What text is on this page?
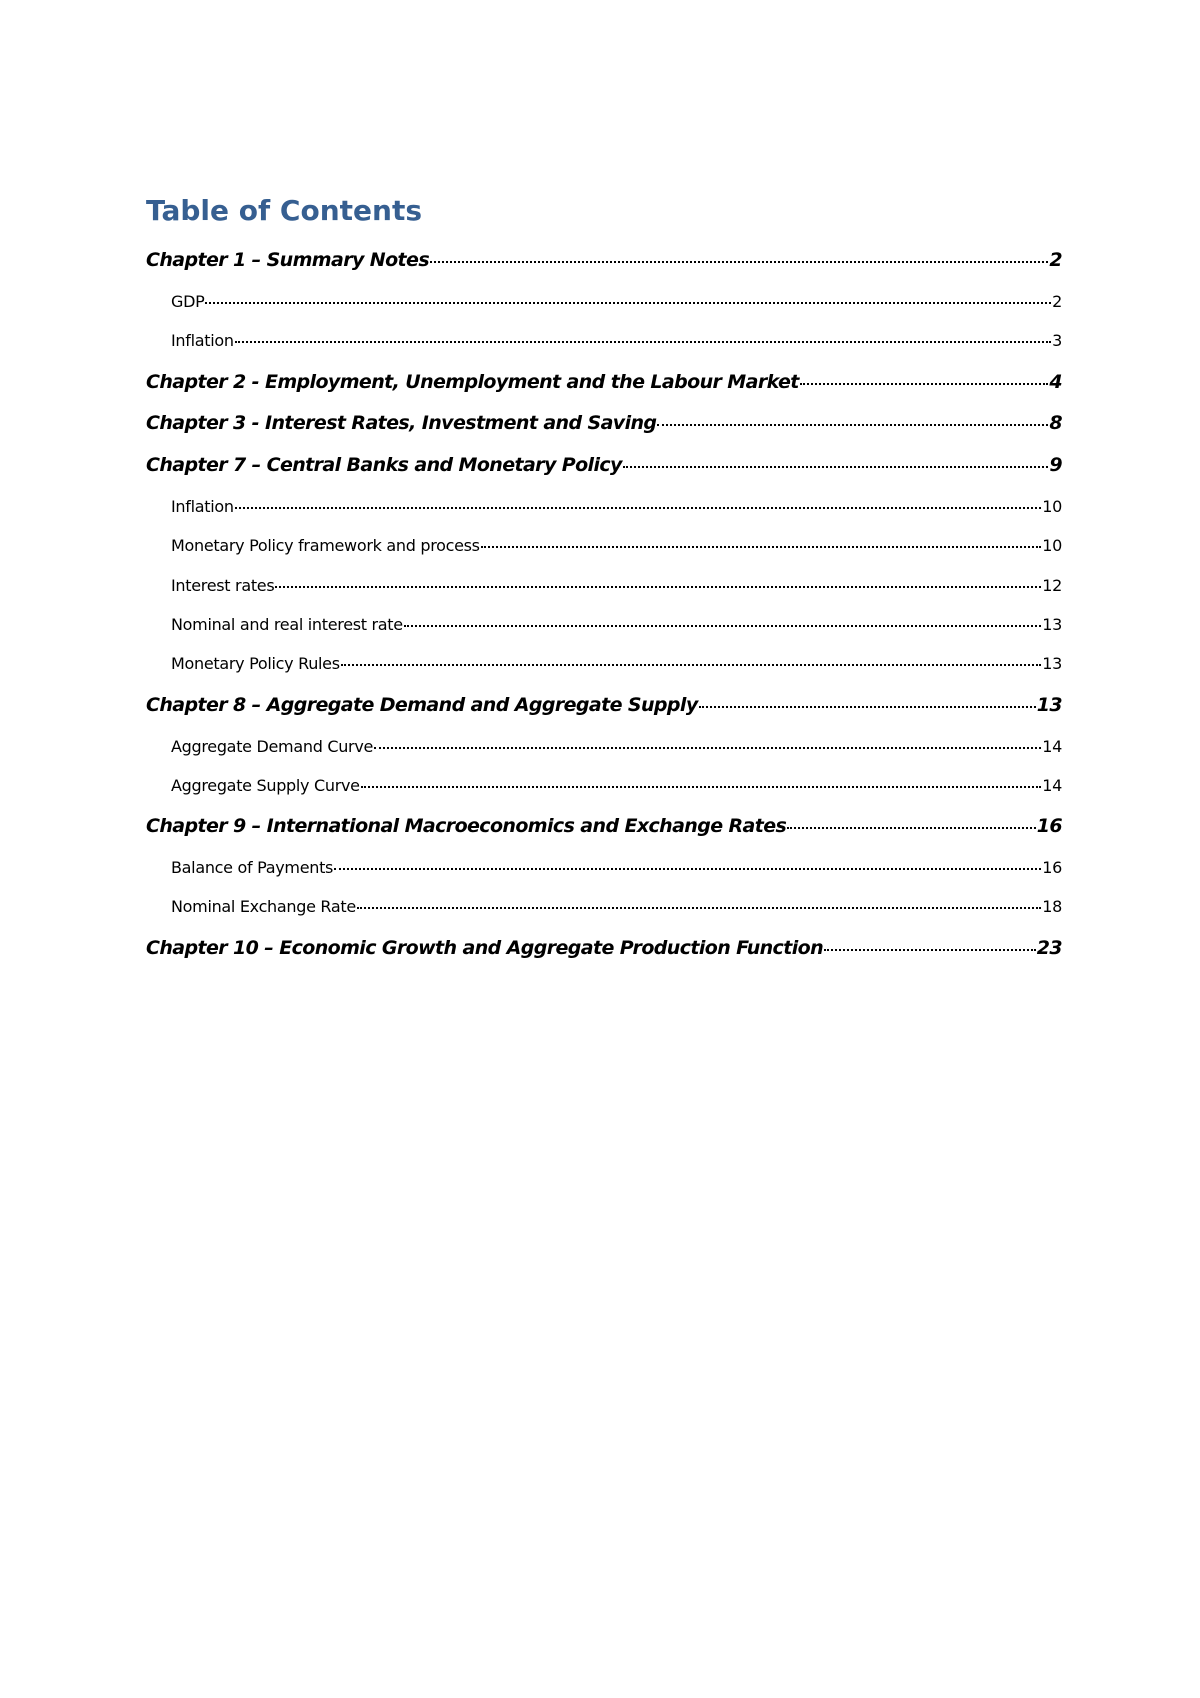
Table of Contents
Chapter 1 – Summary Notes	2
GDP	2
Inflation	3
Chapter 2 - Employment, Unemployment and the Labour Market	4
Chapter 3 - Interest Rates, Investment and Saving	8
Chapter 7 – Central Banks and Monetary Policy	9
Inflation	10
Monetary Policy framework and process	10
Interest rates	12
Nominal and real interest rate	13
Monetary Policy Rules	13
Chapter 8 – Aggregate Demand and Aggregate Supply	13
Aggregate Demand Curve	14
Aggregate Supply Curve	14
Chapter 9 – International Macroeconomics and Exchange Rates	16
Balance of Payments	16
Nominal Exchange Rate	18
Chapter 10 – Economic Growth and Aggregate Production Function	23
